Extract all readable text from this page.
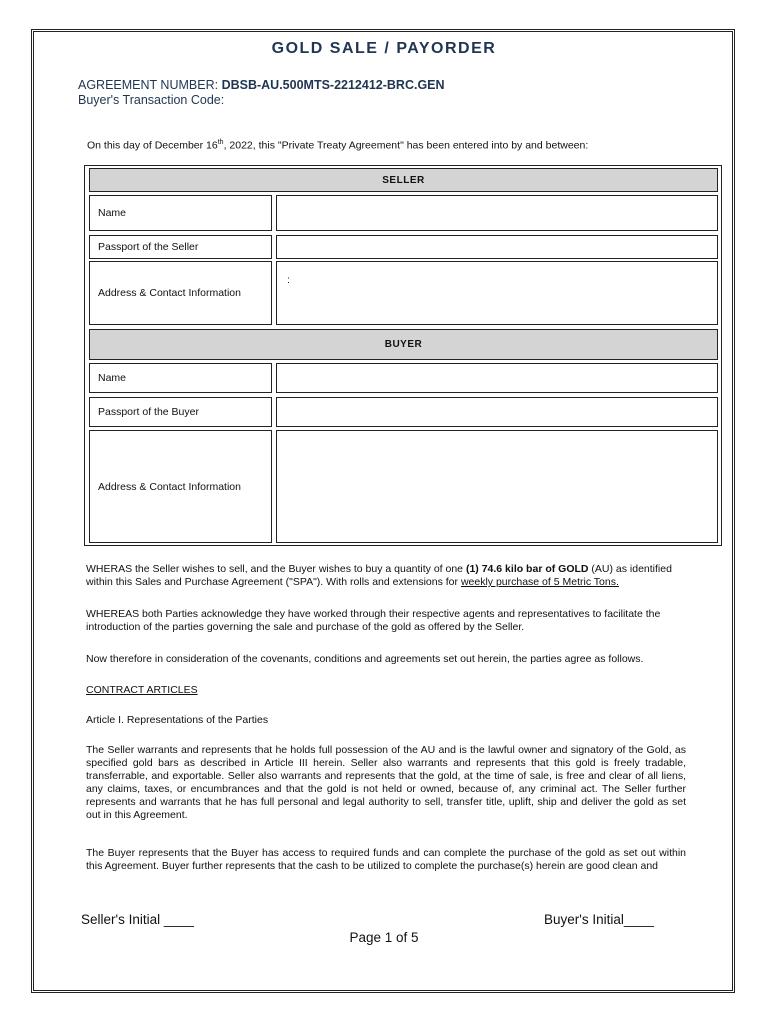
GOLD SALE / PAYORDER
AGREEMENT NUMBER: DBSB-AU.500MTS-2212412-BRC.GEN
Buyer's Transaction Code:
On this day of December 16th, 2022, this "Private Treaty Agreement" has been entered into by and between:
SELLER
Name
Passport of the Seller
Address & Contact Information
:
BUYER
Name
Passport of the Buyer
Address & Contact Information
WHERAS the Seller wishes to sell, and the Buyer wishes to buy a quantity of one (1) 74.6 kilo bar of GOLD (AU) as identified within this Sales and Purchase Agreement ("SPA"). With rolls and extensions for weekly purchase of 5 Metric Tons.
WHEREAS both Parties acknowledge they have worked through their respective agents and representatives to facilitate the introduction of the parties governing the sale and purchase of the gold as offered by the Seller.
Now therefore in consideration of the covenants, conditions and agreements set out herein, the parties agree as follows.
CONTRACT ARTICLES
Article I. Representations of the Parties
The Seller warrants and represents that he holds full possession of the AU and is the lawful owner and signatory of the Gold, as specified gold bars as described in Article III herein. Seller also warrants and represents that this gold is freely tradable, transferrable, and exportable. Seller also warrants and represents that the gold, at the time of sale, is free and clear of all liens, any claims, taxes, or encumbrances and that the gold is not held or owned, because of, any criminal act. The Seller further represents and warrants that he has full personal and legal authority to sell, transfer title, uplift, ship and deliver the gold as set out in this Agreement.
The Buyer represents that the Buyer has access to required funds and can complete the purchase of the gold as set out within this Agreement. Buyer further represents that the cash to be utilized to complete the purchase(s) herein are good clean and
Seller's Initial ____	Buyer's Initial____
Page 1 of 5
